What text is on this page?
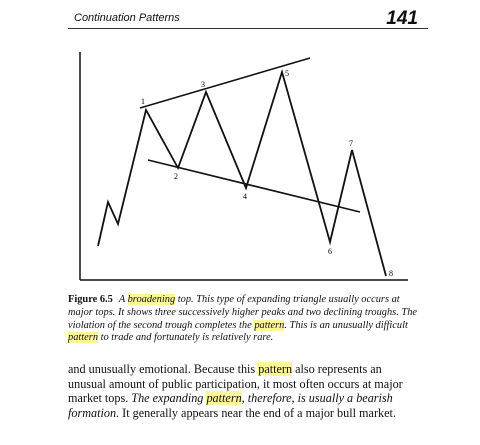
Continuation Patterns	141
1
2
3
4
5
6
7
8
Figure 6.5 A broadening top. This type of expanding triangle usually occurs at major tops. It shows three successively higher peaks and two declining troughs. The violation of the second trough completes the pattern. This is an unusually difficult pattern to trade and fortunately is relatively rare.
and unusually emotional. Because this pattern also represents an unusual amount of public participation, it most often occurs at major market tops. The expanding pattern, therefore, is usually a bearish formation. It generally appears near the end of a major bull market.
